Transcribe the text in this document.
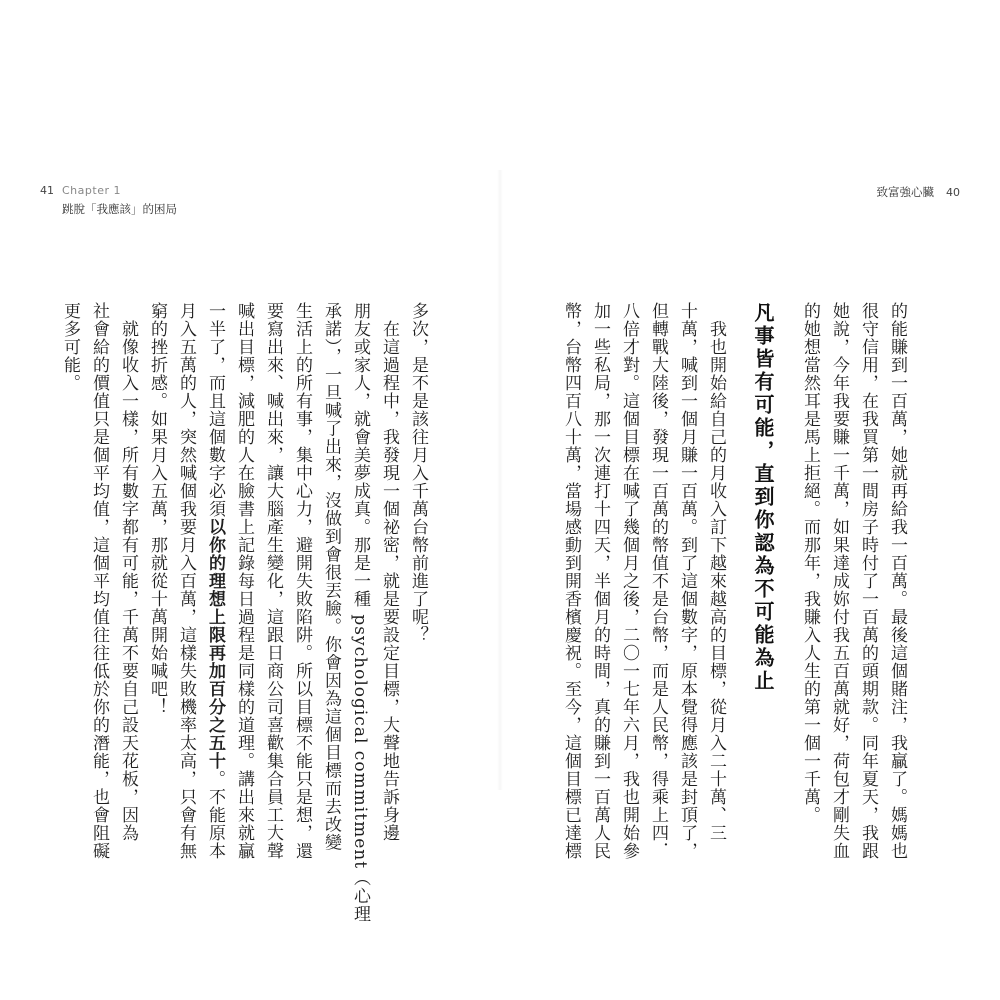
41 Chapter 1
跳脫「我應該」的困局
致富強心臟 40
的能賺到一百萬，她就再給我一百萬。最後這個賭注，我贏了。媽媽也
很守信用，在我買第一間房子時付了一百萬的頭期款。同年夏天，我跟
她說，今年我要賺一千萬，如果達成妳付我五百萬就好，荷包才剛失血
的她想當然耳是馬上拒絕。而那年，我賺入人生的第一個一千萬。
凡事皆有可能，直到你認為不可能為止
我也開始給自己的月收入訂下越來越高的目標，從月入二十萬、三
十萬，喊到一個月賺一百萬。到了這個數字，原本覺得應該是封頂了，
但轉戰大陸後，發現一百萬的幣值不是台幣，而是人民幣，得乘上四．
八倍才對。這個目標在喊了幾個月之後，二〇一七年六月，我也開始參
加一些私局，那一次連打十四天，半個月的時間，真的賺到一百萬人民
幣，台幣四百八十萬，當場感動到開香檳慶祝。至今，這個目標已達標
多次，是不是該往月入千萬台幣前進了呢？
在這過程中，我發現一個祕密，就是要設定目標，大聲地告訴身邊
朋友或家人，就會美夢成真。那是一種 psychological commitment（心理
承諾），一旦喊了出來，沒做到會很丟臉。你會因為這個目標而去改變
生活上的所有事，集中心力，避開失敗陷阱。所以目標不能只是想，還
要寫出來、喊出來，讓大腦產生變化，這跟日商公司喜歡集合員工大聲
喊出目標，減肥的人在臉書上記錄每日過程是同樣的道理。講出來就贏
一半了，而且這個數字必須以你的理想上限再加百分之五十。不能原本
月入五萬的人，突然喊個我要月入百萬，這樣失敗機率太高，只會有無
窮的挫折感。如果月入五萬，那就從十萬開始喊吧！
就像收入一樣，所有數字都有可能，千萬不要自己設天花板，因為
社會給的價值只是個平均值，這個平均值往往低於你的潛能，也會阻礙
更多可能。
